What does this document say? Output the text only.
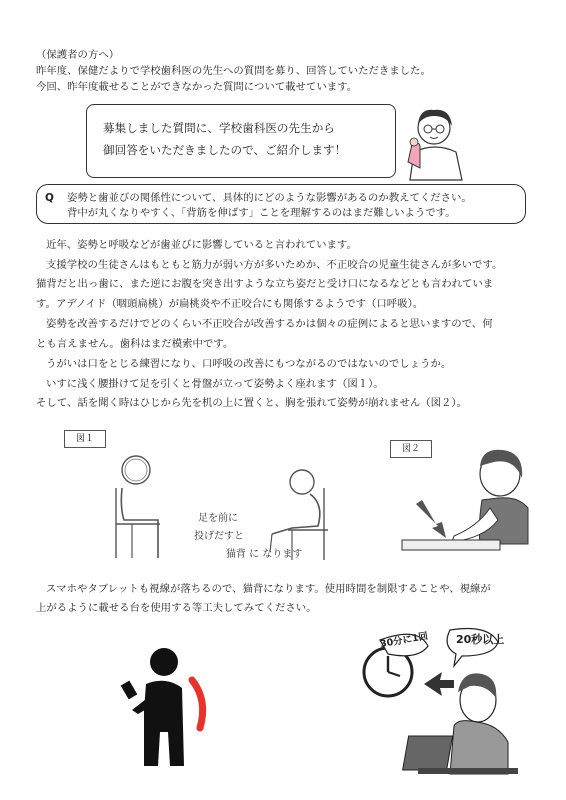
（保護者の方へ）
昨年度、保健だよりで学校歯科医の先生への質問を募り、回答していただきました。
今回、昨年度載せることができなかった質問について載せています。
募集しました質問に、学校歯科医の先生から
御回答をいただきましたので、ご紹介します！
Q 姿勢と歯並びの関係性について、具体的にどのような影響があるのか教えてください。
背中が丸くなりやすく、「背筋を伸ばす」ことを理解するのはまだ難しいようです。
近年、姿勢と呼吸などが歯並びに影響していると言われています。
支援学校の生徒さんはもともと筋力が弱い方が多いためか、不正咬合の児童生徒さんが多いです。
猫背だと出っ歯に、また逆にお腹を突き出すような立ち姿だと受け口になるなどとも言われていま
す。アデノイド（咽頭扁桃）が扁桃炎や不正咬合にも関係するようです（口呼吸）。
姿勢を改善するだけでどのくらい不正咬合が改善するかは個々の症例によると思いますので、何
とも言えません。歯科はまだ模索中です。
うがいは口をとじる練習になり、口呼吸の改善にもつながるのではないのでしょうか。
いすに浅く腰掛けて足を引くと骨盤が立って姿勢よく座れます（図１）。
そして、話を聞く時はひじから先を机の上に置くと、胸を張れて姿勢が崩れません（図２）。
図１
足を前に
投げだすと
猫背 に なります
図２
スマホやタブレットも視線が落ちるので、猫背になります。使用時間を制限することや、視線が
上がるように載せる台を使用する等工夫してみてください。
30分に1回 20秒以上
